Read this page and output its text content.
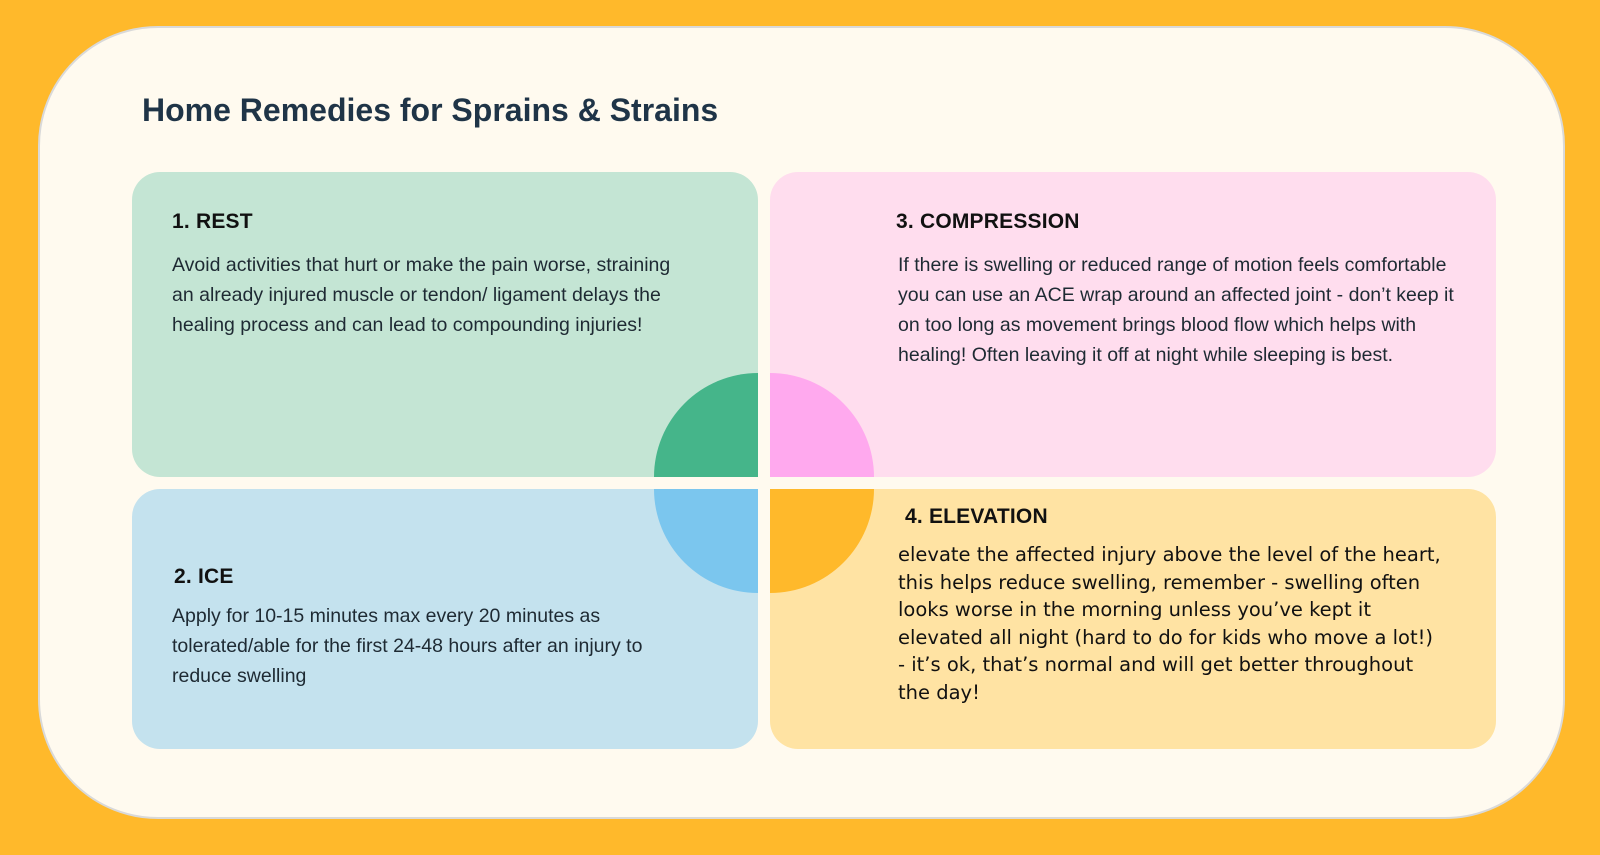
Home Remedies for Sprains & Strains
1. REST
Avoid activities that hurt or make the pain worse, straining an already injured muscle or tendon/ ligament delays the healing process and can lead to compounding injuries!
3. COMPRESSION
If there is swelling or reduced range of motion feels comfortable you can use an ACE wrap around an affected joint - don’t keep it on too long as movement brings blood flow which helps with healing! Often leaving it off at night while sleeping is best.
2. ICE
Apply for 10-15 minutes max every 20 minutes as tolerated/able for the first 24-48 hours after an injury to reduce swelling
4. ELEVATION
elevate the affected injury above the level of the heart, this helps reduce swelling, remember - swelling often looks worse in the morning unless you’ve kept it elevated all night (hard to do for kids who move a lot!) - it’s ok, that’s normal and will get better throughout the day!
